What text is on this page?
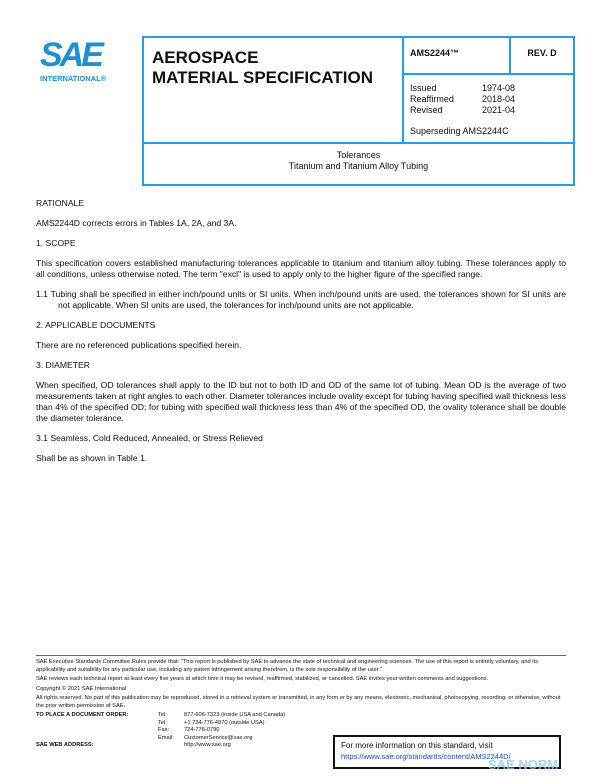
SAE
INTERNATIONAL®
AEROSPACE
MATERIAL SPECIFICATION
	AMS2244™	REV. D

Issued	1974-08
Reaffirmed	2018-04
Revised	2021-04
Superseding AMS2244C

Tolerances
Titanium and Titanium Alloy Tubing

RATIONALE

AMS2244D corrects errors in Tables 1A, 2A, and 3A.

1. SCOPE

This specification covers established manufacturing tolerances applicable to titanium and titanium alloy tubing. These tolerances apply to all conditions, unless otherwise noted. The term "excl" is used to apply only to the higher figure of the specified range.

1.1 Tubing shall be specified in either inch/pound units or SI units. When inch/pound units are used, the tolerances shown for SI units are not applicable. When SI units are used, the tolerances for inch/pound units are not applicable.

2. APPLICABLE DOCUMENTS

There are no referenced publications specified herein.

3. DIAMETER

When specified, OD tolerances shall apply to the ID but not to both ID and OD of the same lot of tubing. Mean OD is the average of two measurements taken at right angles to each other. Diameter tolerances include ovality except for tubing having specified wall thickness less than 4% of the specified OD; for tubing with specified wall thickness less than 4% of the specified OD, the ovality tolerance shall be double the diameter tolerance.

3.1 Seamless, Cold Reduced, Annealed, or Stress Relieved

Shall be as shown in Table 1.

SAE Executive Standards Committee Rules provide that: "This report is published by SAE to advance the state of technical and engineering sciences. The use of this report is entirely voluntary, and its applicability and suitability for any particular use, including any patent infringement arising therefrom, is the sole responsibility of the user."

SAE reviews each technical report at least every five years at which time it may be revised, reaffirmed, stabilized, or cancelled. SAE invites your written comments and suggestions.

Copyright © 2021 SAE International

All rights reserved. No part of this publication may be reproduced, stored in a retrieval system or transmitted, in any form or by any means, electronic, mechanical, photocopying, recording, or otherwise, without the prior written permission of SAE.

TO PLACE A DOCUMENT ORDER:	Tel:	877-606-7323 (inside USA and Canada)
Tel:	+1 724-776-4970 (outside USA)
Fax:	724-776-0790
Email:	CustomerService@sae.org
SAE WEB ADDRESS:	http://www.sae.org	For more information on this standard, visit
https://www.sae.org/standards/content/AMS2244D/
SAE NORM
